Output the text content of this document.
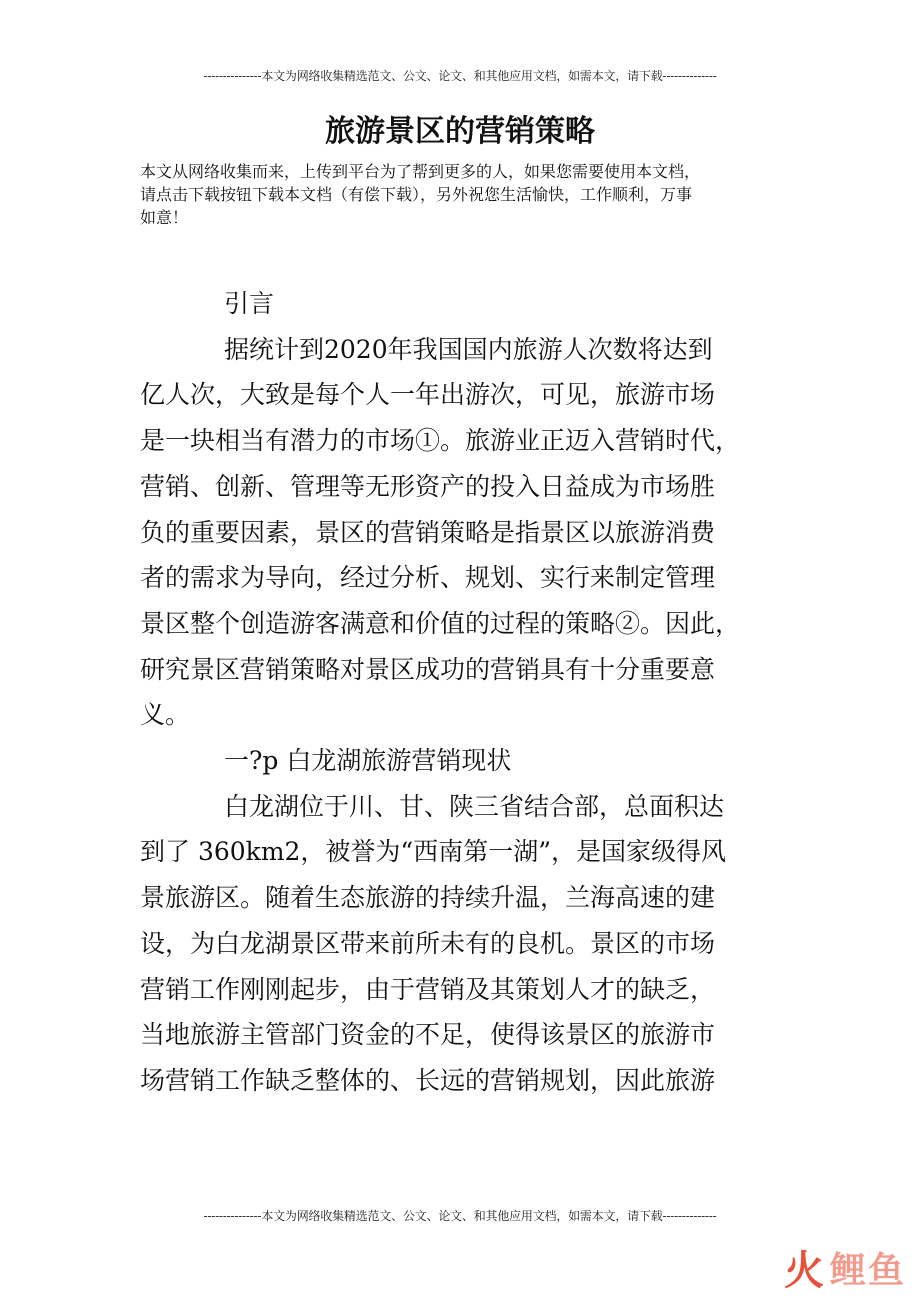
---------------本文为网络收集精选范文、公文、论文、和其他应用文档，如需本文，请下载--------------
旅游景区的营销策略
本文从网络收集而来，上传到平台为了帮到更多的人，如果您需要使用本文档，
请点击下载按钮下载本文档（有偿下载），另外祝您生活愉快，工作顺利，万事
如意！
引言
据统计到2020年我国国内旅游人次数将达到
亿人次，大致是每个人一年出游次，可见，旅游市场
是一块相当有潜力的市场①。旅游业正迈入营销时代，
营销、创新、管理等无形资产的投入日益成为市场胜
负的重要因素，景区的营销策略是指景区以旅游消费
者的需求为导向，经过分析、规划、实行来制定管理
景区整个创造游客满意和价值的过程的策略②。因此，
研究景区营销策略对景区成功的营销具有十分重要意
义。
一?p 白龙湖旅游营销现状
白龙湖位于川、甘、陕三省结合部，总面积达
到了 360km2，被誉为“西南第一湖”，是国家级得风
景旅游区。随着生态旅游的持续升温，兰海高速的建
设，为白龙湖景区带来前所未有的良机。景区的市场
营销工作刚刚起步，由于营销及其策划人才的缺乏，
当地旅游主管部门资金的不足，使得该景区的旅游市
场营销工作缺乏整体的、长远的营销规划，因此旅游
---------------本文为网络收集精选范文、公文、论文、和其他应用文档，如需本文，请下载--------------
火 鲤鱼
